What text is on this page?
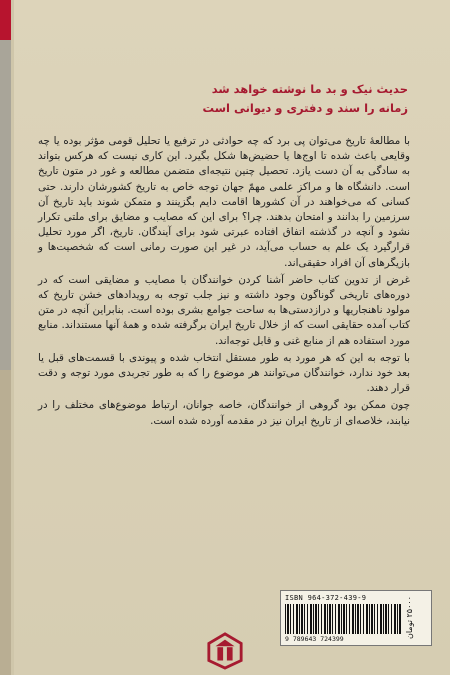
حدیث نیک و بد ما نوشته خواهد شد
زمانه را سند و دفتری و دیوانی است

با مطالعهٔ تاریخ می‌توان پی برد که چه حوادثی در ترفیع یا تحلیل قومی مؤثر بوده یا چه وقایعی باعث شده تا اوج‌ها یا حضیض‌ها شکل بگیرد. این کاری نیست که هرکس بتواند به سادگی به آن دست یازد. تحصیل چنین نتیجه‌ای متضمن مطالعه و غور در متون تاریخ است. دانشگاه ها و مراکز علمی مهمّ جهان توجه خاص به تاریخ کشورشان دارند. حتی کسانی که می‌خواهند در آن کشورها اقامت دایم بگزینند و متمکن شوند باید تاریخ آن سرزمین را بدانند و امتحان بدهند. چرا؟ برای این که مصایب و مضایق برای ملتی تکرار نشود و آنچه در گذشته اتفاق افتاده عبرتی شود برای آیندگان. تاریخ، اگر مورد تحلیل قرارگیرد یک علم به حساب می‌آید، در غیر این صورت رمانی است که شخصیت‌ها و بازیگرهای آن افراد حقیقی‌اند.

غرض از تدوین کتاب حاضر آشنا کردن خوانندگان با مصایب و مضایقی است که در دوره‌های تاریخی گوناگون وجود داشته و نیز جلب توجه به رویدادهای خشن تاریخ که مولود ناهنجاریها و درازدستی‌ها به ساحت جوامع بشری بوده است. بنابراین آنچه در متن کتاب آمده حقایقی است که از خلال تاریخ ایران برگرفته شده و همهٔ آنها مستنداند. منابع مورد استفاده هم از منابع غنی و قابل توجه‌اند.

با توجه به این که هر مورد به طور مستقل انتخاب شده و پیوندی با قسمت‌های قبل یا بعد خود ندارد، خوانندگان می‌توانند هر موضوع را که به طور تجربدی مورد توجه و دقت قرار دهند.

چون ممکن بود گروهی از خوانندگان، خاصه جوانان، ارتباط موضوع‌های مختلف را در نیابند، خلاصه‌ای از تاریخ ایران نیز در مقدمه آورده شده است.

ISBN 964-372-439-9
9 789643 724399	۲۵۰۰۰ تومان
